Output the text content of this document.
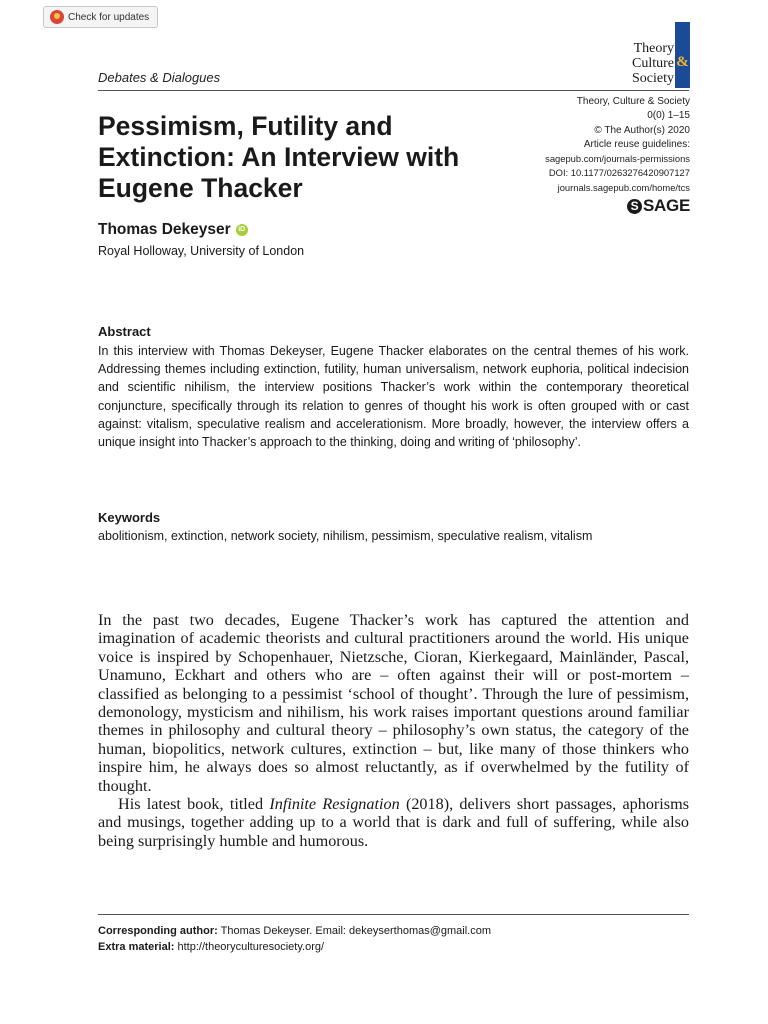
Check for updates
&
Theory
Culture
Society
Debates & Dialogues
Theory, Culture & Society
0(0) 1–15
© The Author(s) 2020
Article reuse guidelines:
sagepub.com/journals-permissions
DOI: 10.1177/0263276420907127
journals.sagepub.com/home/tcs
S SAGE
Pessimism, Futility and Extinction: An Interview with Eugene Thacker
Thomas Dekeyser	iD
Royal Holloway, University of London
Abstract

In this interview with Thomas Dekeyser, Eugene Thacker elaborates on the central themes of his work. Addressing themes including extinction, futility, human universalism, network euphoria, political indecision and scientific nihilism, the interview positions Thacker’s work within the contemporary theoretical conjuncture, specifically through its relation to genres of thought his work is often grouped with or cast against: vitalism, speculative realism and accelerationism. More broadly, however, the interview offers a unique insight into Thacker’s approach to the thinking, doing and writing of ‘philosophy’.

Keywords

abolitionism, extinction, network society, nihilism, pessimism, speculative realism, vitalism

In the past two decades, Eugene Thacker’s work has captured the attention and imagination of academic theorists and cultural practitioners around the world. His unique voice is inspired by Schopenhauer, Nietzsche, Cioran, Kierkegaard, Mainländer, Pascal, Unamuno, Eckhart and others who are – often against their will or post-mortem – classified as belonging to a pessimist ‘school of thought’. Through the lure of pessimism, demonology, mysticism and nihilism, his work raises important questions around familiar themes in philosophy and cultural theory – philosophy’s own status, the category of the human, biopolitics, network cultures, extinction – but, like many of those thinkers who inspire him, he always does so almost reluctantly, as if overwhelmed by the futility of thought.

His latest book, titled Infinite Resignation (2018), delivers short passages, aphorisms and musings, together adding up to a world that is dark and full of suffering, while also being surprisingly humble and humorous.

Corresponding author: Thomas Dekeyser. Email: dekeyserthomas@gmail.com
Extra material: http://theoryculturesociety.org/
